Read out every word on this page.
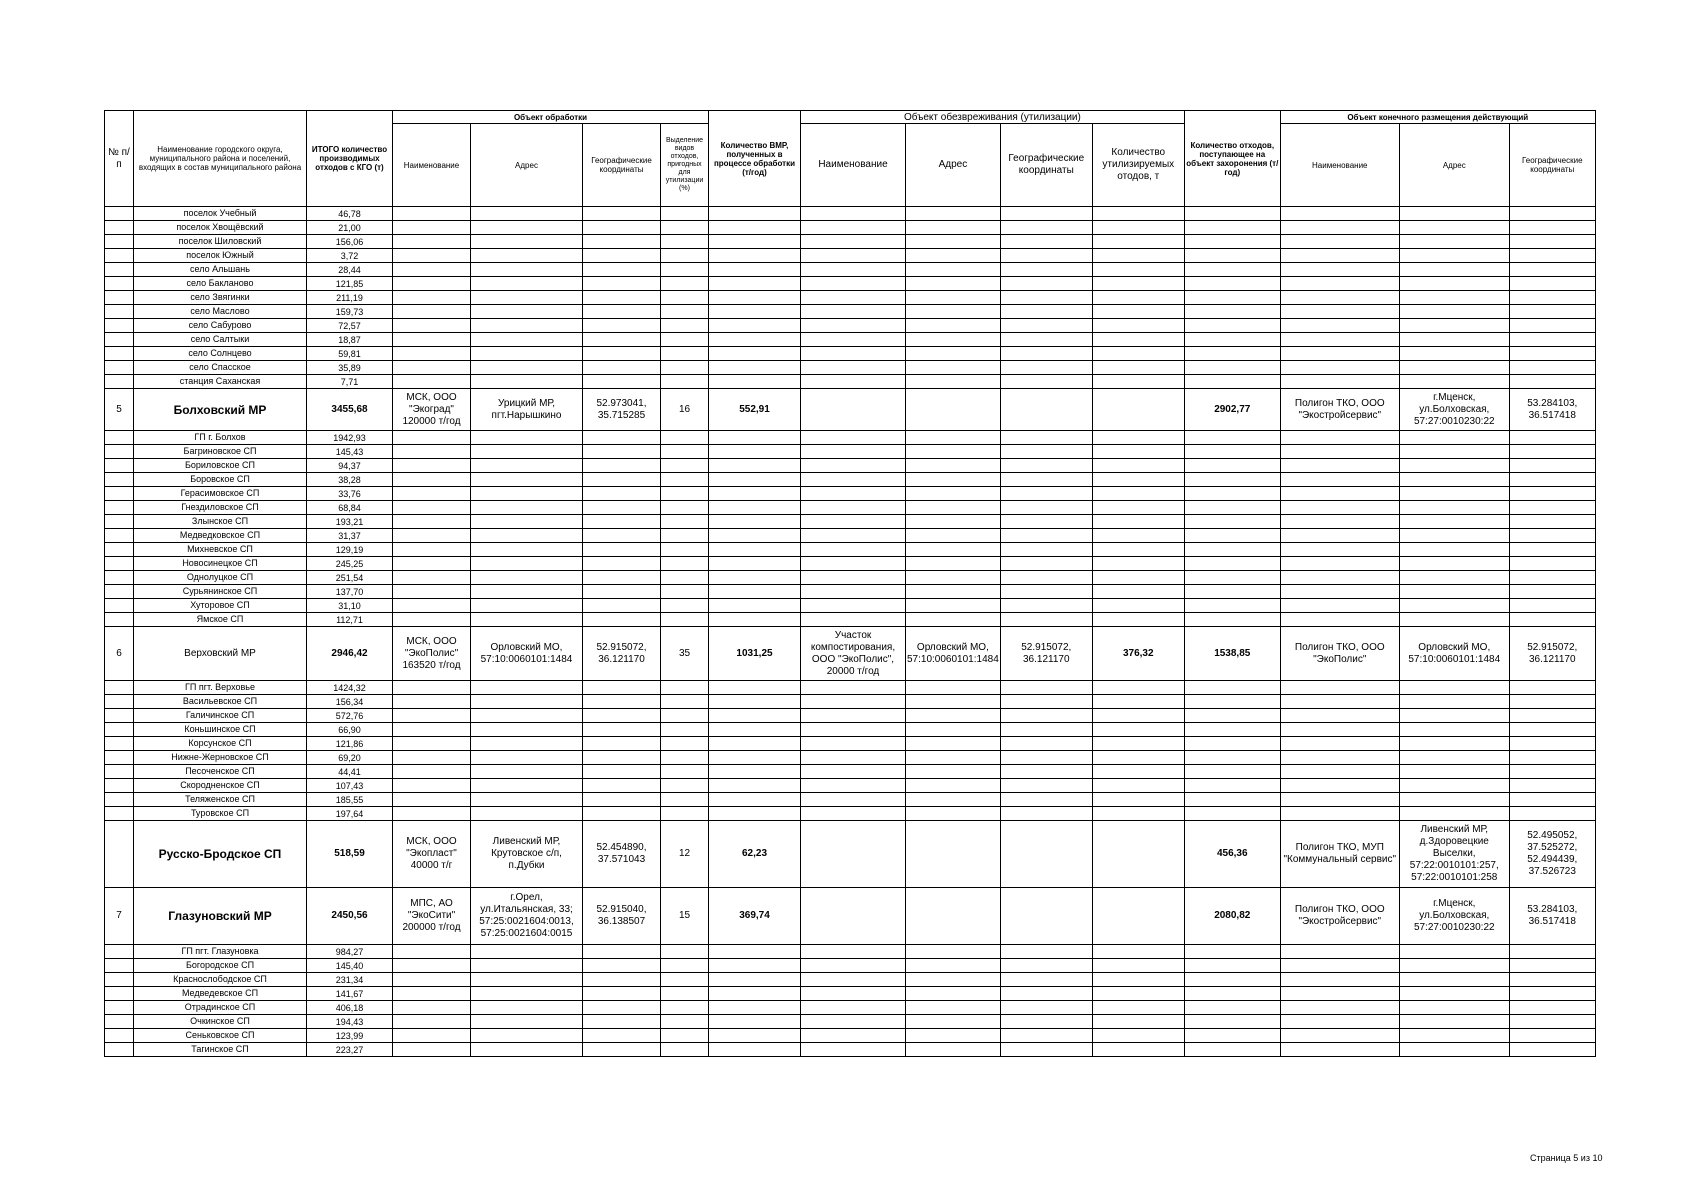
№ п/п	Наименование городского округа, муниципального района и поселений, входящих в состав муниципального района	ИТОГО количество производимых отходов с КГО (т)	Объект обработки				Количество ВМР, полученных в процессе обработки (т/год)	Объект обезвреживания (утилизации)				Количество отходов, поступающее на объект захоронения (т/год)	Объект конечного размещения действующий		
			Наименование	Адрес	Географические координаты	Выделение видов отходов, пригодных для утилизации (%)		Наименование	Адрес	Географические координаты	Количество утилизируемых отодов, т		Наименование	Адрес	Географические координаты
	поселок Учебный	46,78													
	поселок Хвощёвский	21,00													
	поселок Шиловский	156,06													
	поселок Южный	3,72													
	село Альшань	28,44													
	село Бакланово	121,85													
	село Звягинки	211,19													
	село Маслово	159,73													
	село Сабурово	72,57													
	село Салтыки	18,87													
	село Солнцево	59,81													
	село Спасское	35,89													
	станция Саханская	7,71													
5	Болховский МР	3455,68	МСК, ООО "Экоград" 120000 т/год	Урицкий МР, пгт.Нарышкино	52.973041, 35.715285	16	552,91					2902,77	Полигон ТКО, ООО "Экостройсервис"	г.Мценск, ул.Болховская, 57:27:0010230:22	53.284103, 36.517418
	ГП г. Болхов	1942,93													
	Багриновское СП	145,43													
	Бориловское СП	94,37													
	Боровское СП	38,28													
	Герасимовское СП	33,76													
	Гнездиловское СП	68,84													
	Злынское СП	193,21													
	Медведковское СП	31,37													
	Михневское СП	129,19													
	Новосинецкое СП	245,25													
	Однолуцкое СП	251,54													
	Сурьянинское СП	137,70													
	Хуторовое СП	31,10													
	Ямское СП	112,71													
6	Верховский МР	2946,42	МСК, ООО "ЭкоПолис" 163520 т/год	Орловский МО, 57:10:0060101:1484	52.915072, 36.121170	35	1031,25	Участок компостирования, ООО "ЭкоПолис", 20000 т/год	Орловский МО, 57:10:0060101:1484	52.915072, 36.121170	376,32	1538,85	Полигон ТКО, ООО "ЭкоПолис"	Орловский МО, 57:10:0060101:1484	52.915072, 36.121170
	ГП пгт. Верховье	1424,32													
	Васильевское СП	156,34													
	Галичинское СП	572,76													
	Коньшинское СП	66,90													
	Корсунское СП	121,86													
	Нижне-Жерновское СП	69,20													
	Песоченское СП	44,41													
	Скородненское СП	107,43													
	Теляженское СП	185,55													
	Туровское СП	197,64													
	Русско-Бродское СП	518,59	МСК, ООО "Экопласт" 40000 т/г	Ливенский МР, Крутовское с/п, п.Дубки	52.454890, 37.571043	12	62,23					456,36	Полигон ТКО, МУП "Коммунальный сервис"	Ливенский МР, д.Здоровецкие Выселки, 57:22:0010101:257, 57:22:0010101:258	52.495052, 37.525272, 52.494439, 37.526723
7	Глазуновский МР	2450,56	МПС, АО "ЭкоСити" 200000 т/год	г.Орел, ул.Итальянская, 33; 57:25:0021604:0013, 57:25:0021604:0015	52.915040, 36.138507	15	369,74					2080,82	Полигон ТКО, ООО "Экостройсервис"	г.Мценск, ул.Болховская, 57:27:0010230:22	53.284103, 36.517418
	ГП пгт. Глазуновка	984,27													
	Богородское СП	145,40													
	Краснослободское СП	231,34													
	Медведевское СП	141,67													
	Отрадинское СП	406,18													
	Очкинское СП	194,43													
	Сеньковское СП	123,99													
	Тагинское СП	223,27													
Страница 5 из 10
